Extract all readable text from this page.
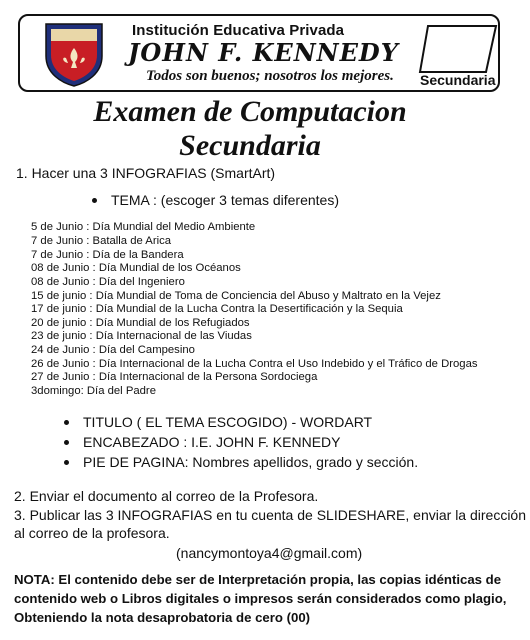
Institución Educativa Privada
JOHN F. KENNEDY
Todos son buenos; nosotros los mejores. Secundaria
Examen de Computacion
Secundaria
1. Hacer una 3 INFOGRAFIAS (SmartArt)
TEMA : (escoger 3 temas diferentes)
5 de Junio : Día Mundial del Medio Ambiente
7 de Junio : Batalla de Arica
7 de Junio : Día de la Bandera
08 de Junio : Día Mundial de los Océanos
08 de Junio : Día del Ingeniero
15 de junio : Día Mundial de Toma de Conciencia del Abuso y Maltrato en la Vejez
17 de junio : Día Mundial de la Lucha Contra la Desertificación y la Sequia
20 de junio : Día Mundial de los Refugiados
23 de junio : Día Internacional de las Viudas
24 de Junio : Día del Campesino
26 de Junio : Día Internacional de la Lucha Contra el Uso Indebido y el Tráfico de Drogas
27 de Junio : Día Internacional de la Persona Sordociega
3domingo: Día del Padre
TITULO ( EL TEMA ESCOGIDO) - WORDART
ENCABEZADO : I.E. JOHN F. KENNEDY
PIE DE PAGINA: Nombres apellidos, grado y sección.
2. Enviar el documento al correo de la Profesora.
3. Publicar las 3 INFOGRAFIAS en tu cuenta de SLIDESHARE, enviar la dirección
al correo de la profesora.
(nancymontoya4@gmail.com)
NOTA: El contenido debe ser de Interpretación propia, las copias idénticas de contenido web o Libros digitales o impresos serán considerados como plagio, Obteniendo la nota desaprobatoria de cero (00)
